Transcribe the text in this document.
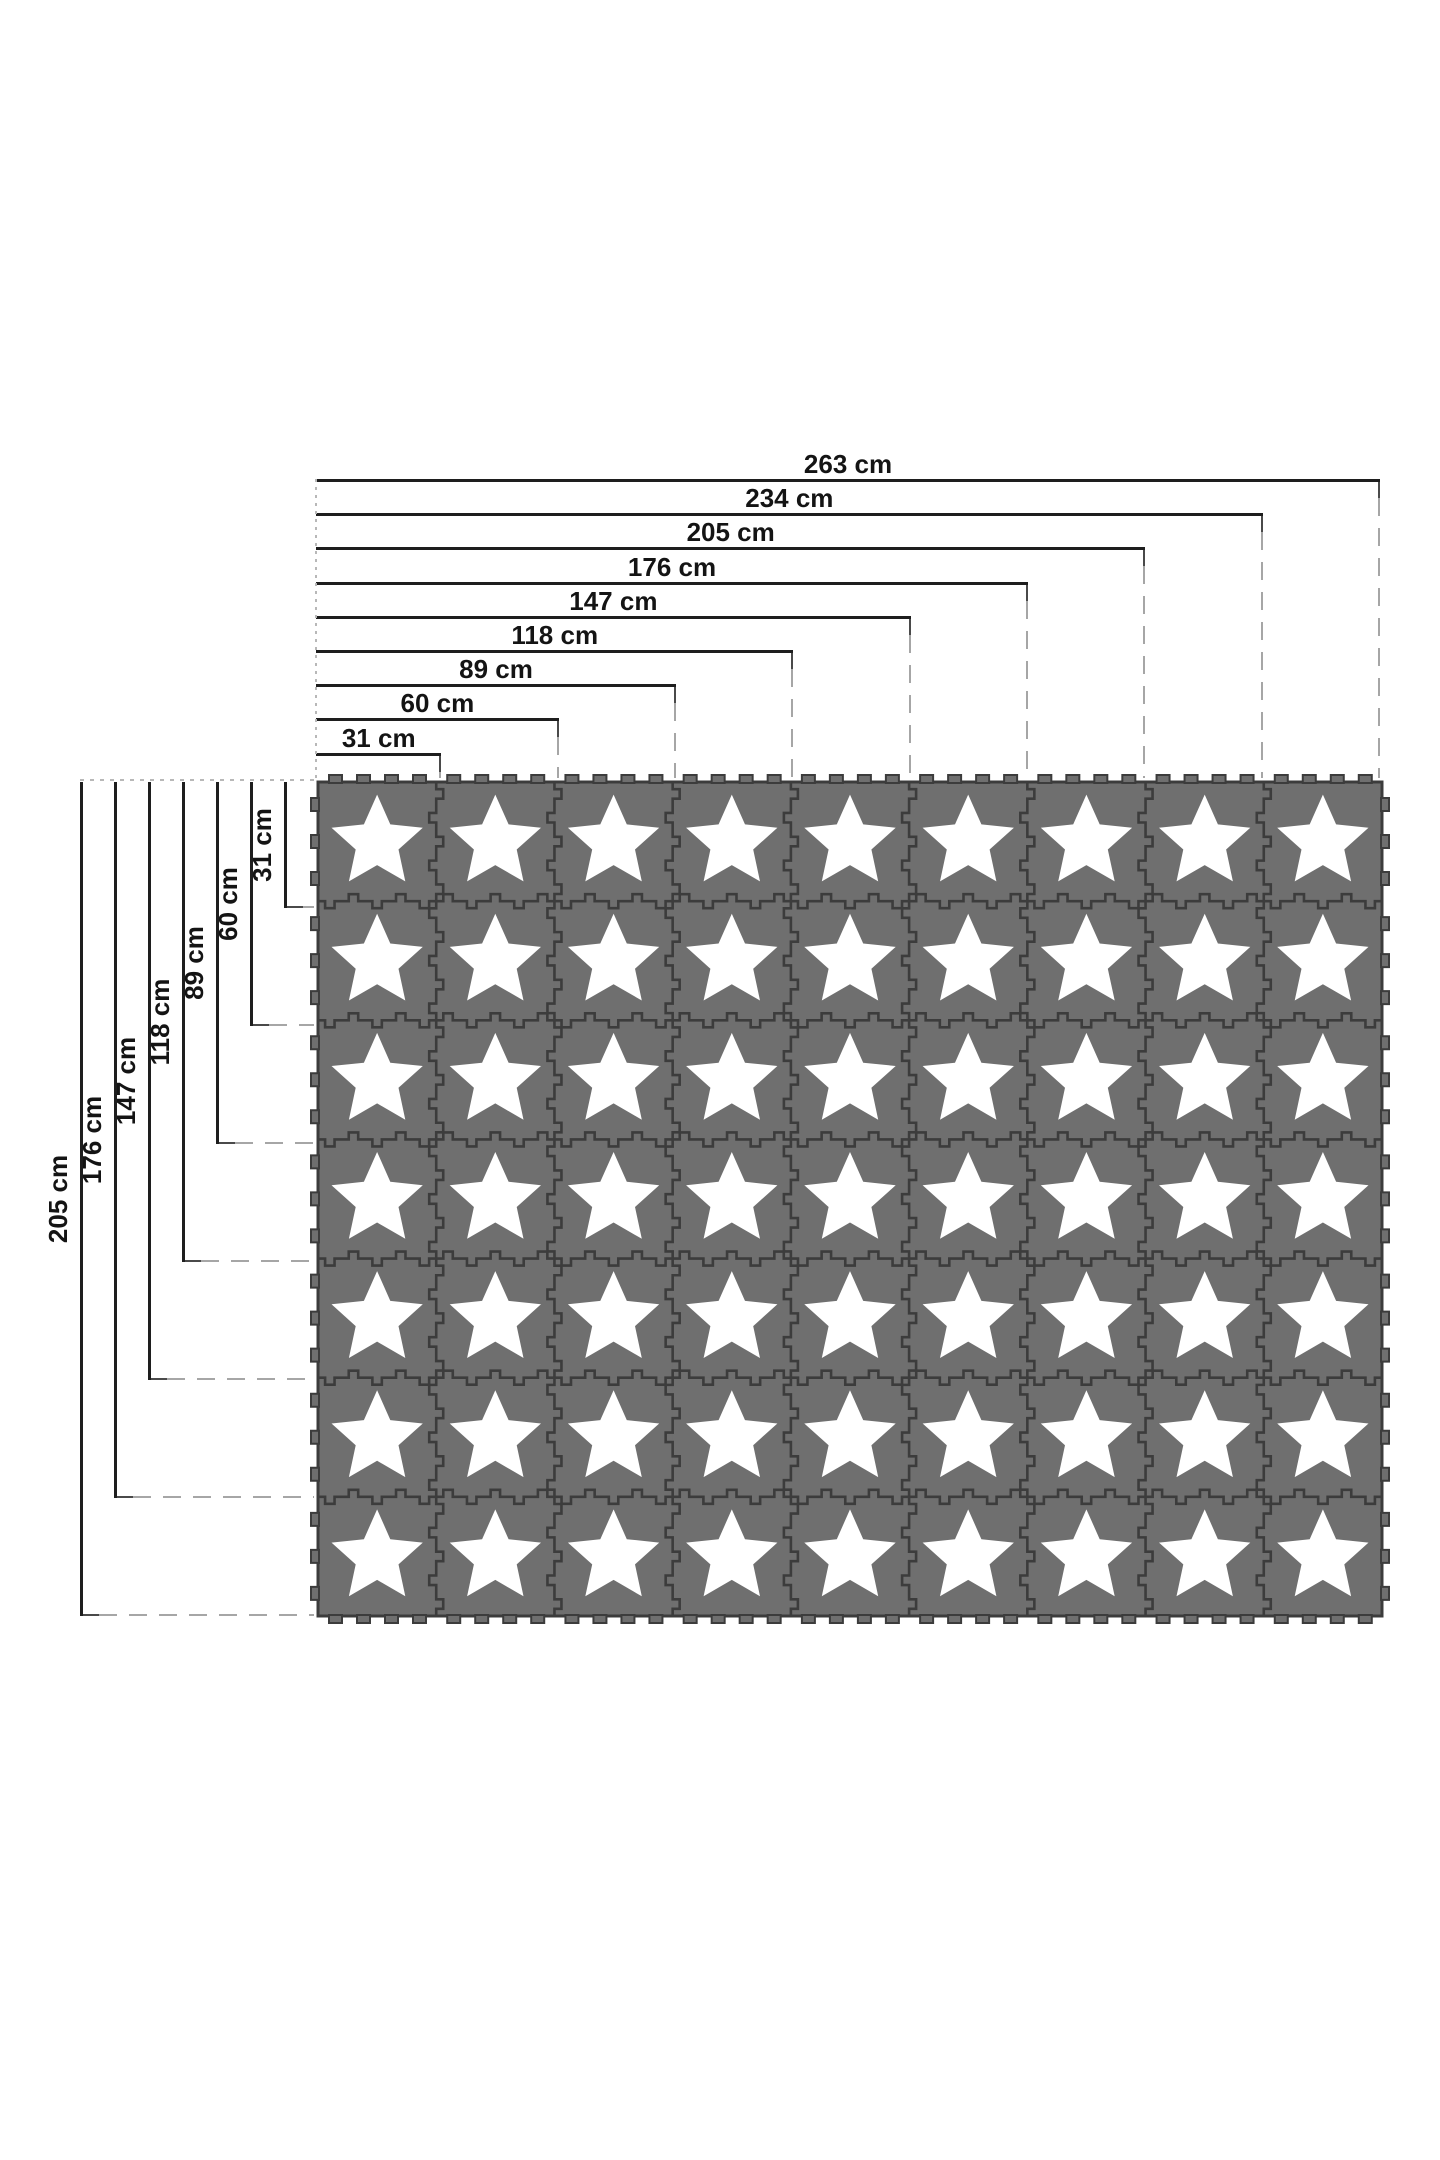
263 cm
234 cm
205 cm
176 cm
147 cm
118 cm
89 cm
60 cm
31 cm
205 cm
176 cm
147 cm
118 cm
89 cm
60 cm
31 cm
